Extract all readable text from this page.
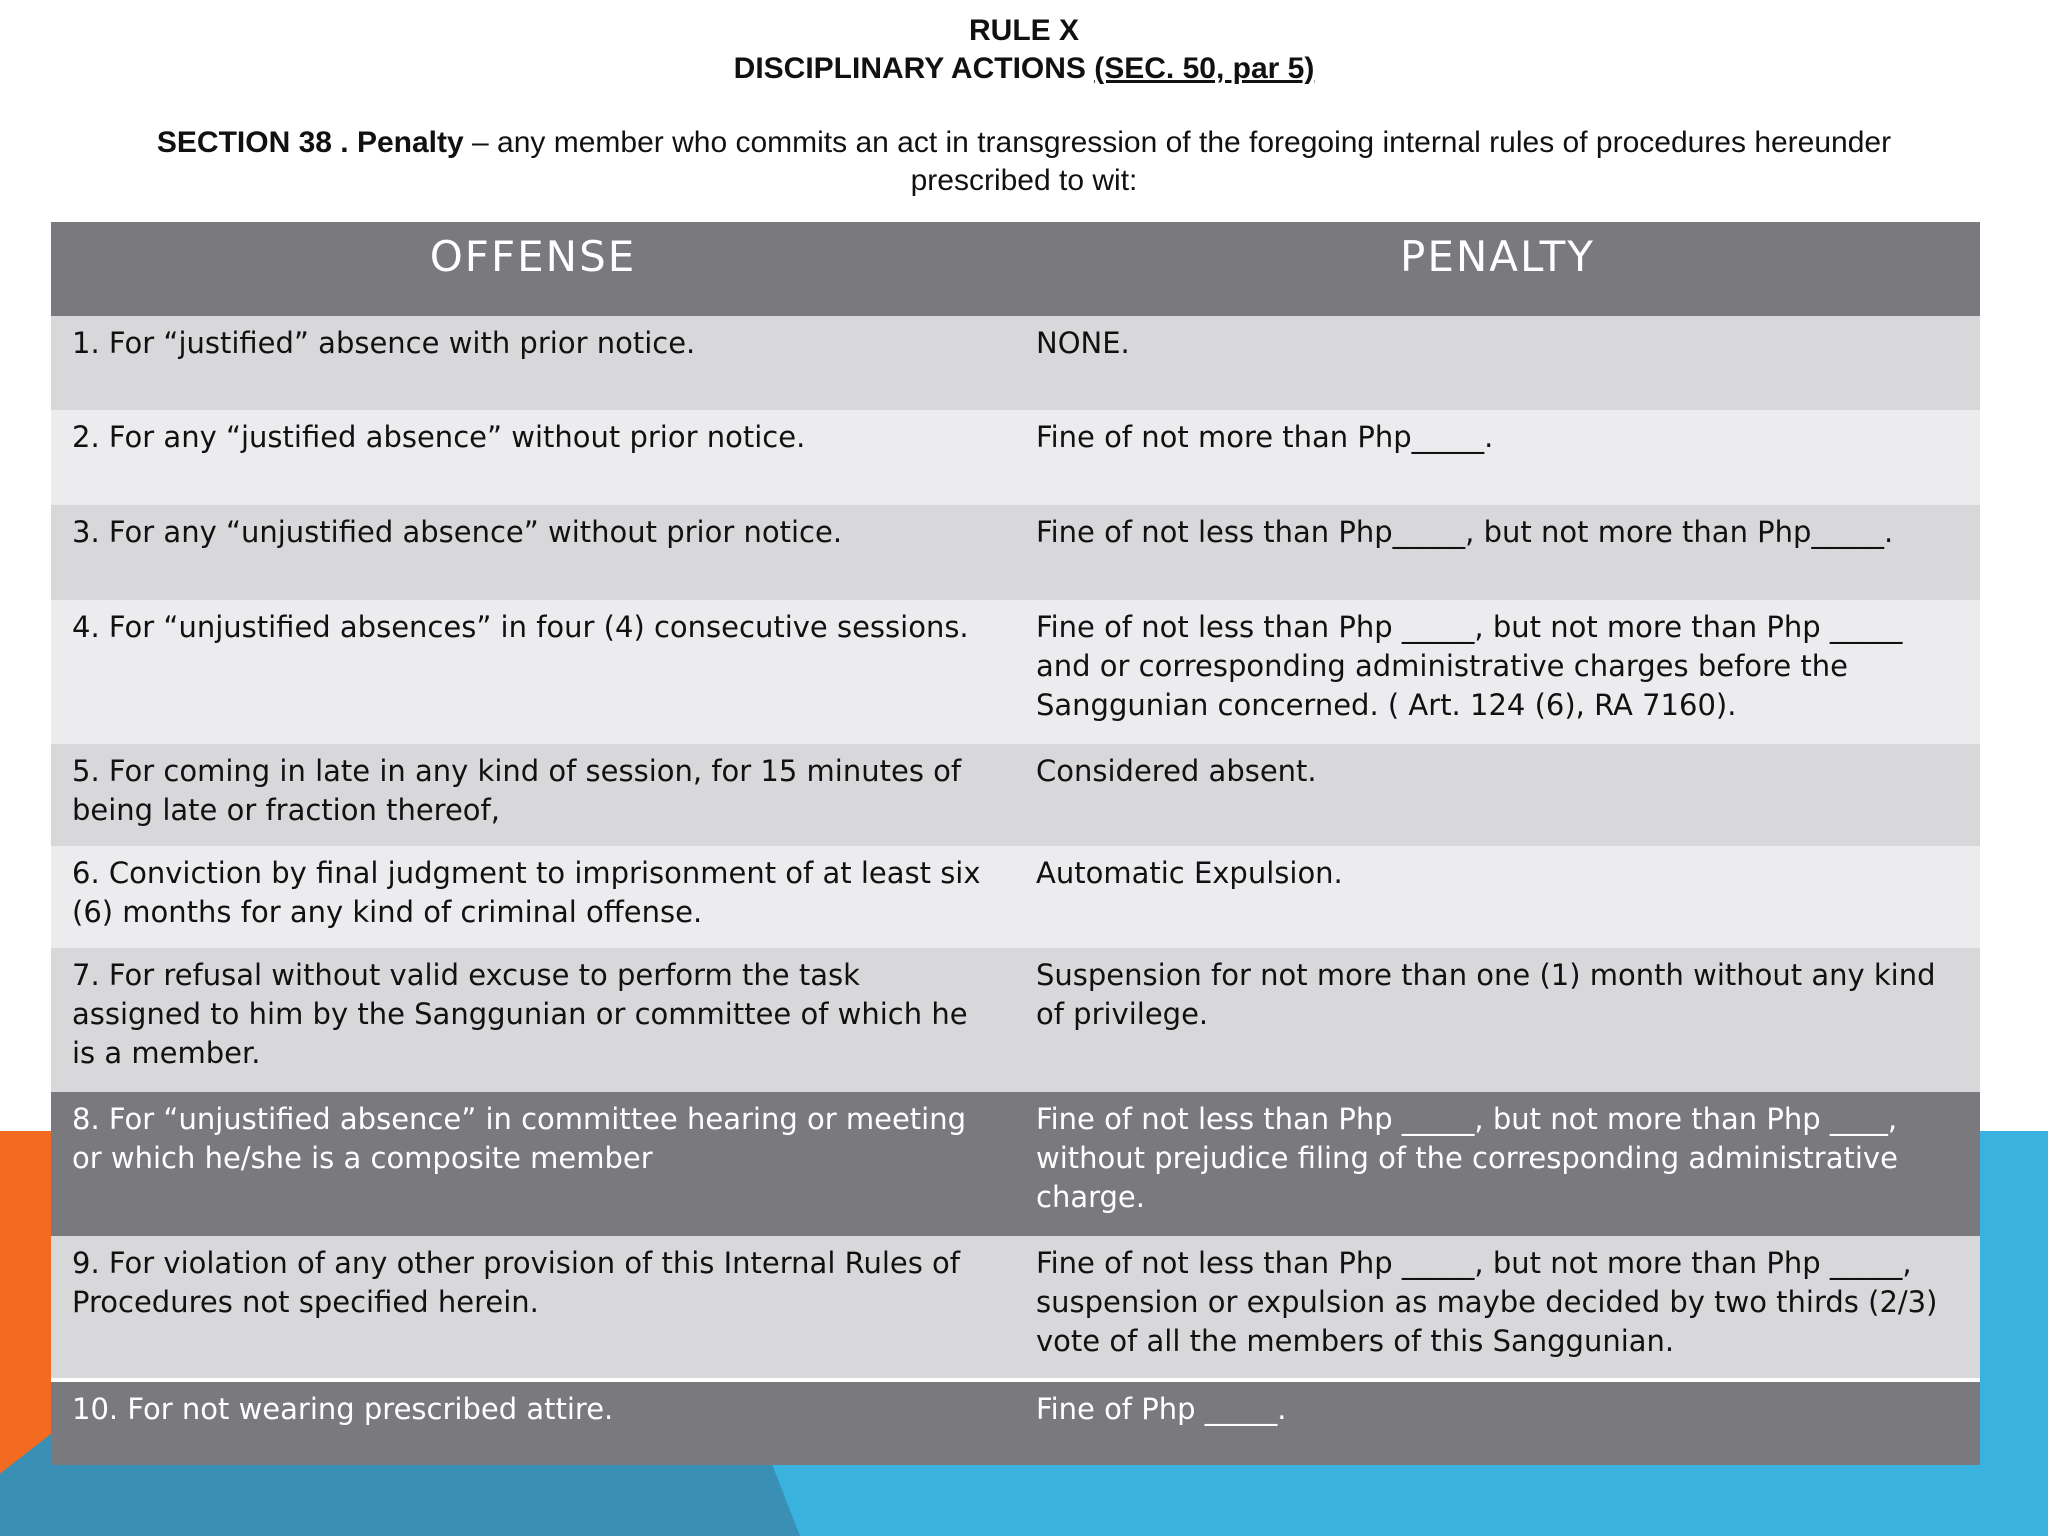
RULE X
DISCIPLINARY ACTIONS (SEC. 50, par 5)
SECTION 38 . Penalty – any member who commits an act in transgression of the foregoing internal rules of procedures hereunder prescribed to wit:
OFFENSE	PENALTY
1. For “justified” absence with prior notice.	NONE.
2. For any “justified absence” without prior notice.	Fine of not more than Php_____.
3. For any “unjustified absence” without prior notice.	Fine of not less than Php_____, but not more than Php_____.
4. For “unjustified absences” in four (4) consecutive sessions.	Fine of not less than Php _____, but not more than Php _____ and or corresponding administrative charges before the Sanggunian concerned. ( Art. 124 (6), RA 7160).
5. For coming in late in any kind of session, for 15 minutes of being late or fraction thereof,	Considered absent.
6. Conviction by final judgment to imprisonment of at least six (6) months for any kind of criminal offense.	Automatic Expulsion.
7. For refusal without valid excuse to perform the task assigned to him by the Sanggunian or committee of which he is a member.	Suspension for not more than one (1) month without any kind of privilege.
8. For “unjustified absence” in committee hearing or meeting or which he/she is a composite member	Fine of not less than Php _____, but not more than Php ____, without prejudice filing of the corresponding administrative charge.
9. For violation of any other provision of this Internal Rules of Procedures not specified herein.	Fine of not less than Php _____, but not more than Php _____, suspension or expulsion as maybe decided by two thirds (2/3) vote of all the members of this Sanggunian.
10. For not wearing prescribed attire.	Fine of Php _____.
